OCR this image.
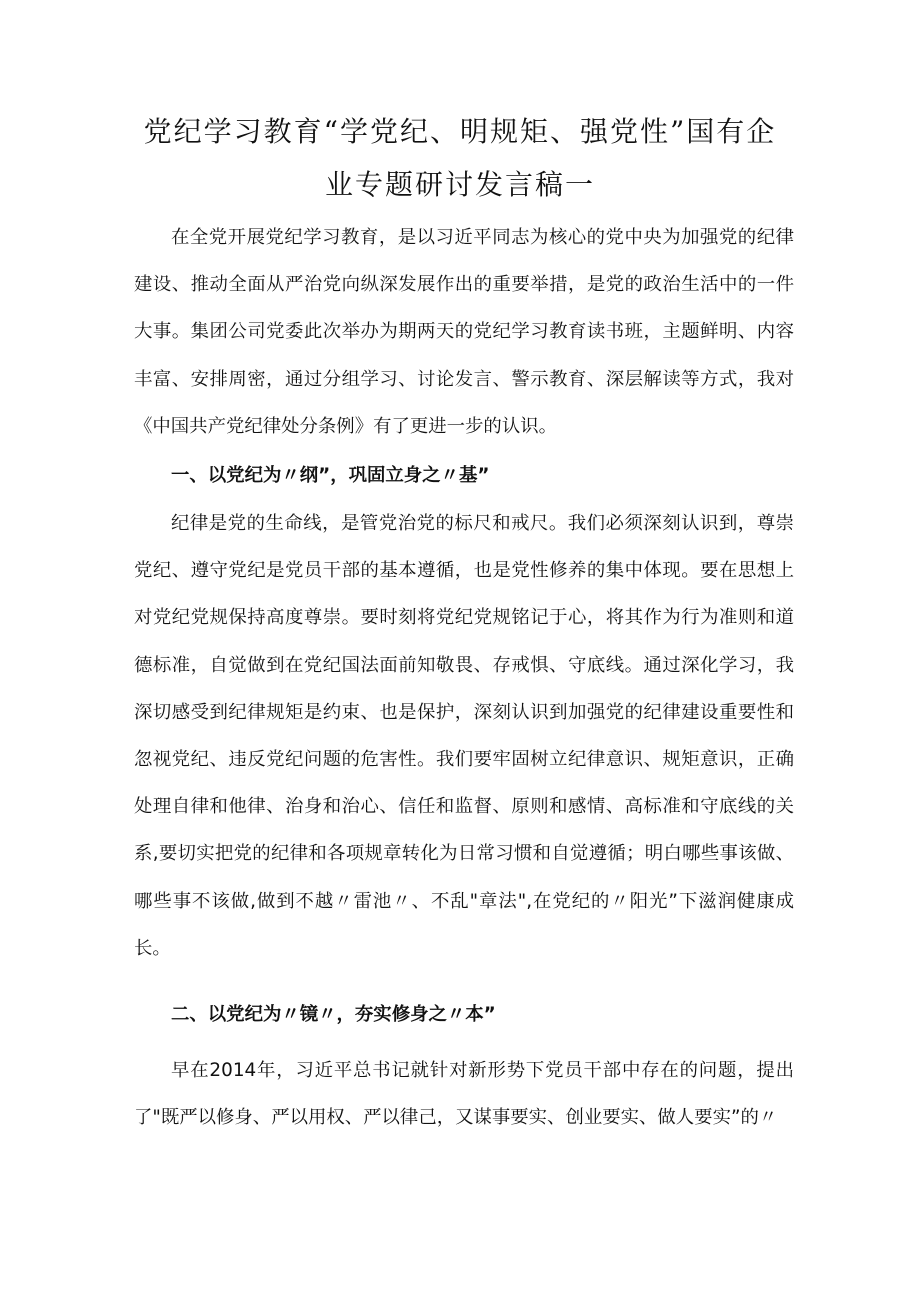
党纪学习教育“学党纪、明规矩、强党性”国有企
业专题研讨发言稿一

在全党开展党纪学习教育，是以习近平同志为核心的党中央为加强党的纪律建设、推动全面从严治党向纵深发展作出的重要举措，是党的政治生活中的一件大事。集团公司党委此次举办为期两天的党纪学习教育读书班，主题鲜明、内容丰富、安排周密，通过分组学习、讨论发言、警示教育、深层解读等方式，我对《中国共产党纪律处分条例》有了更进一步的认识。

一、以党纪为〃纲”，巩固立身之〃基”

纪律是党的生命线，是管党治党的标尺和戒尺。我们必须深刻认识到，尊崇党纪、遵守党纪是党员干部的基本遵循，也是党性修养的集中体现。要在思想上对党纪党规保持高度尊崇。要时刻将党纪党规铭记于心，将其作为行为准则和道德标准，自觉做到在党纪国法面前知敬畏、存戒惧、守底线。通过深化学习，我深切感受到纪律规矩是约束、也是保护，深刻认识到加强党的纪律建设重要性和忽视党纪、违反党纪问题的危害性。我们要牢固树立纪律意识、规矩意识，正确处理自律和他律、治身和治心、信任和监督、原则和感情、高标准和守底线的关系,要切实把党的纪律和各项规章转化为日常习惯和自觉遵循；明白哪些事该做、哪些事不该做,做到不越〃雷池〃、不乱"章法",在党纪的〃阳光”下滋润健康成长。

二、以党纪为〃镜〃，夯实修身之〃本”

早在2014年，习近平总书记就针对新形势下党员干部中存在的问题，提出了"既严以修身、严以用权、严以律己，又谋事要实、创业要实、做人要实”的〃
